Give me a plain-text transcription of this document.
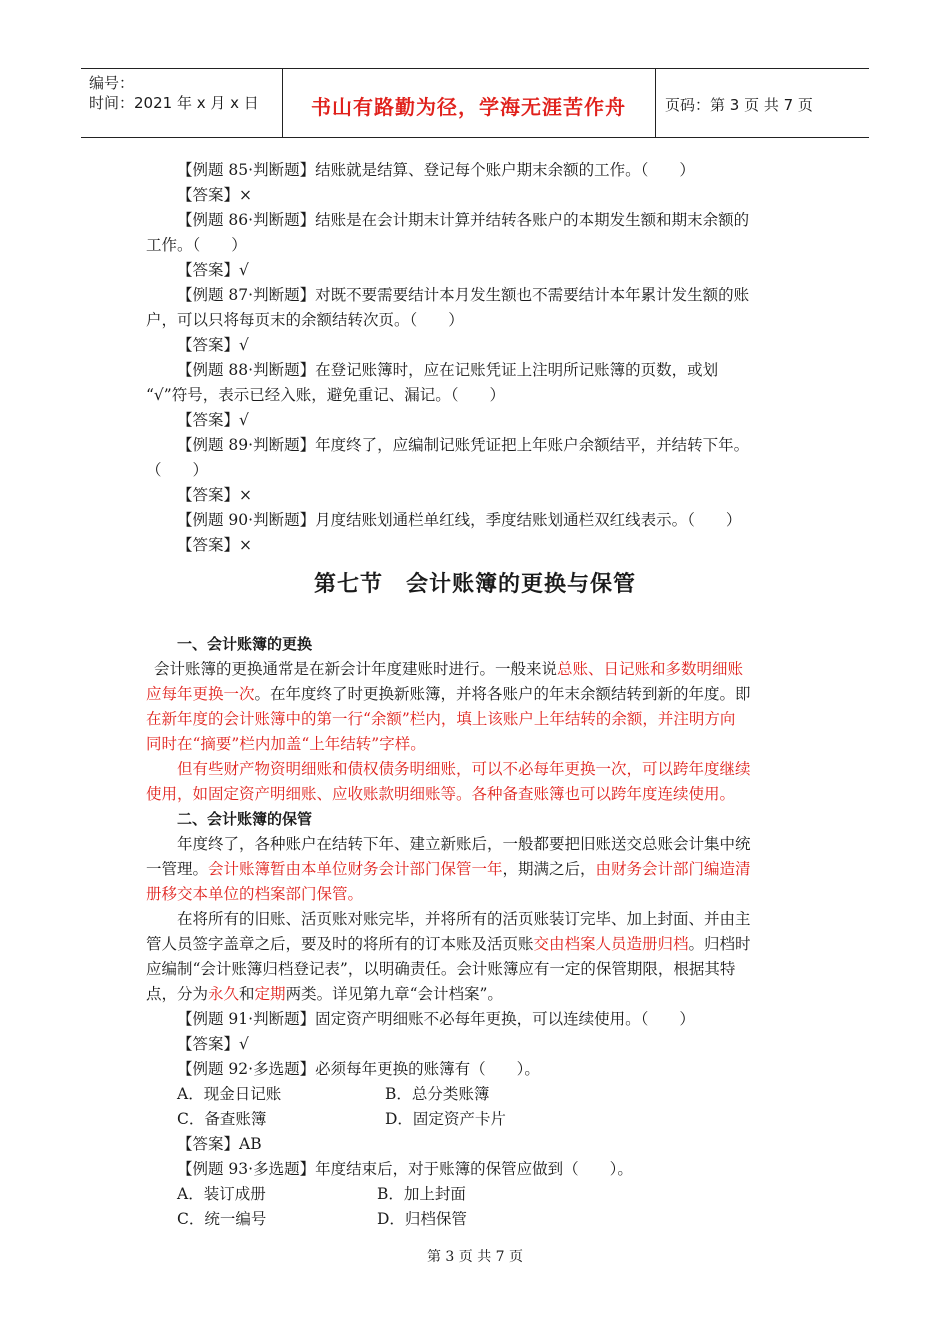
编号：
时间：2021 年 x 月 x 日	书山有路勤为径，学海无涯苦作舟	页码：第 3 页 共 7 页
【例题 85·判断题】结账就是结算、登记每个账户期末余额的工作。（　　）
【答案】×
【例题 86·判断题】结账是在会计期末计算并结转各账户的本期发生额和期末余额的
工作。（　　）
【答案】√
【例题 87·判断题】对既不要需要结计本月发生额也不需要结计本年累计发生额的账
户，可以只将每页末的余额结转次页。（　　）
【答案】√
【例题 88·判断题】在登记账簿时，应在记账凭证上注明所记账簿的页数，或划
“√”符号，表示已经入账，避免重记、漏记。（　　）
【答案】√
【例题 89·判断题】年度终了，应编制记账凭证把上年账户余额结平，并结转下年。
（　　）
【答案】×
【例题 90·判断题】月度结账划通栏单红线，季度结账划通栏双红线表示。（　　）
【答案】×
第七节　会计账簿的更换与保管
一、会计账簿的更换
会计账簿的更换通常是在新会计年度建账时进行。一般来说总账、日记账和多数明细账
应每年更换一次。在年度终了时更换新账簿，并将各账户的年末余额结转到新的年度。即
在新年度的会计账簿中的第一行“余额”栏内，填上该账户上年结转的余额，并注明方向
同时在“摘要”栏内加盖“上年结转”字样。
但有些财产物资明细账和债权债务明细账，可以不必每年更换一次，可以跨年度继续
使用，如固定资产明细账、应收账款明细账等。各种备查账簿也可以跨年度连续使用。
二、会计账簿的保管
年度终了，各种账户在结转下年、建立新账后，一般都要把旧账送交总账会计集中统
一管理。会计账簿暂由本单位财务会计部门保管一年，期满之后，由财务会计部门编造清
册移交本单位的档案部门保管。
在将所有的旧账、活页账对账完毕，并将所有的活页账装订完毕、加上封面、并由主
管人员签字盖章之后，要及时的将所有的订本账及活页账交由档案人员造册归档。归档时
应编制“会计账簿归档登记表”，以明确责任。会计账簿应有一定的保管期限，根据其特
点，分为永久和定期两类。详见第九章“会计档案”。
【例题 91·判断题】固定资产明细账不必每年更换，可以连续使用。（　　）
【答案】√
【例题 92·多选题】必须每年更换的账簿有（　　）。
A．现金日记账	B．总分类账簿
C．备查账簿	D．固定资产卡片
【答案】AB
【例题 93·多选题】年度结束后，对于账簿的保管应做到（　　）。
A．装订成册	B．加上封面
C．统一编号	D．归档保管
第 3 页 共 7 页
